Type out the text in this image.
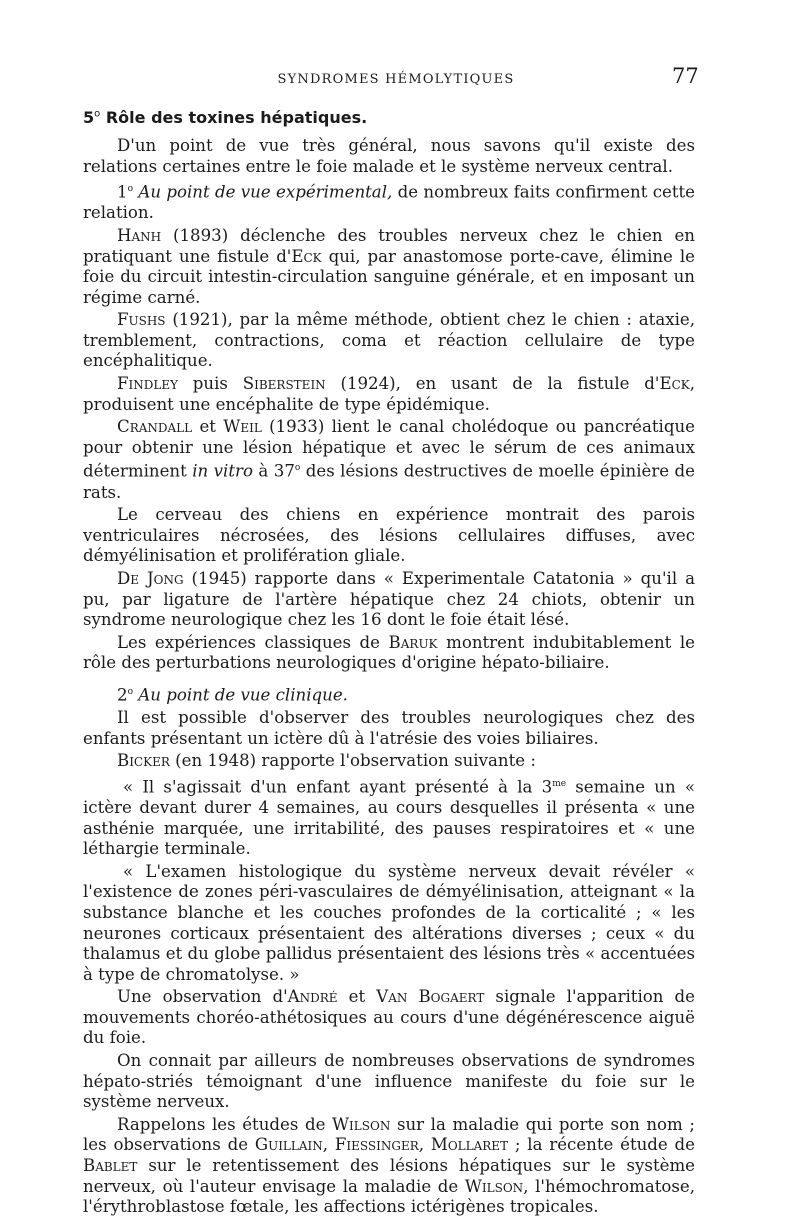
SYNDROMES HÉMOLYTIQUES	77
5$^o$ Rôle des toxines hépatiques.

D'un point de vue très général, nous savons qu'il existe des relations certaines entre le foie malade et le système nerveux central.

1$^o$ Au point de vue expérimental, de nombreux faits confirment cette relation.

Hanh (1893) déclenche des troubles nerveux chez le chien en pratiquant une fistule d'Eck qui, par anastomose porte-cave, élimine le foie du circuit intestin-circulation sanguine générale, et en imposant un régime carné.

Fushs (1921), par la même méthode, obtient chez le chien : ataxie, tremblement, contractions, coma et réaction cellulaire de type encéphalitique.

Findley puis Siberstein (1924), en usant de la fistule d'Eck, produisent une encéphalite de type épidémique.

Crandall et Weil (1933) lient le canal cholédoque ou pancréatique pour obtenir une lésion hépatique et avec le sérum de ces animaux déterminent in vitro à 37$^o$ des lésions destructives de moelle épinière de rats.

Le cerveau des chiens en expérience montrait des parois ventriculaires nécrosées, des lésions cellulaires diffuses, avec démyélinisation et prolifération gliale.

De Jong (1945) rapporte dans « Experimentale Catatonia » qu'il a pu, par ligature de l'artère hépatique chez 24 chiots, obtenir un syndrome neurologique chez les 16 dont le foie était lésé.

Les expériences classiques de Baruk montrent indubitablement le rôle des perturbations neurologiques d'origine hépato-biliaire.

2$^o$ Au point de vue clinique.

Il est possible d'observer des troubles neurologiques chez des enfants présentant un ictère dû à l'atrésie des voies biliaires.

Bicker (en 1948) rapporte l'observation suivante :

« Il s'agissait d'un enfant ayant présenté à la $3^{me}$ semaine un « ictère devant durer 4 semaines, au cours desquelles il présenta « une asthénie marquée, une irritabilité, des pauses respiratoires et « une léthargie terminale.

« L'examen histologique du système nerveux devait révéler « l'existence de zones péri-vasculaires de démyélinisation, atteignant « la substance blanche et les couches profondes de la corticalité ; « les neurones corticaux présentaient des altérations diverses ; ceux « du thalamus et du globe pallidus présentaient des lésions très « accentuées à type de chromatolyse. »

Une observation d'André et Van Bogaert signale l'apparition de mouvements choréo-athétosiques au cours d'une dégénérescence aiguë du foie.

On connait par ailleurs de nombreuses observations de syndromes hépato-striés témoignant d'une influence manifeste du foie sur le système nerveux.

Rappelons les études de Wilson sur la maladie qui porte son nom ; les observations de Guillain, Fiessinger, Mollaret ; la récente étude de Bablet sur le retentissement des lésions hépatiques sur le système nerveux, où l'auteur envisage la maladie de Wilson, l'hémochromatose, l'érythroblastose fœtale, les affections ictérigènes tropicales.
